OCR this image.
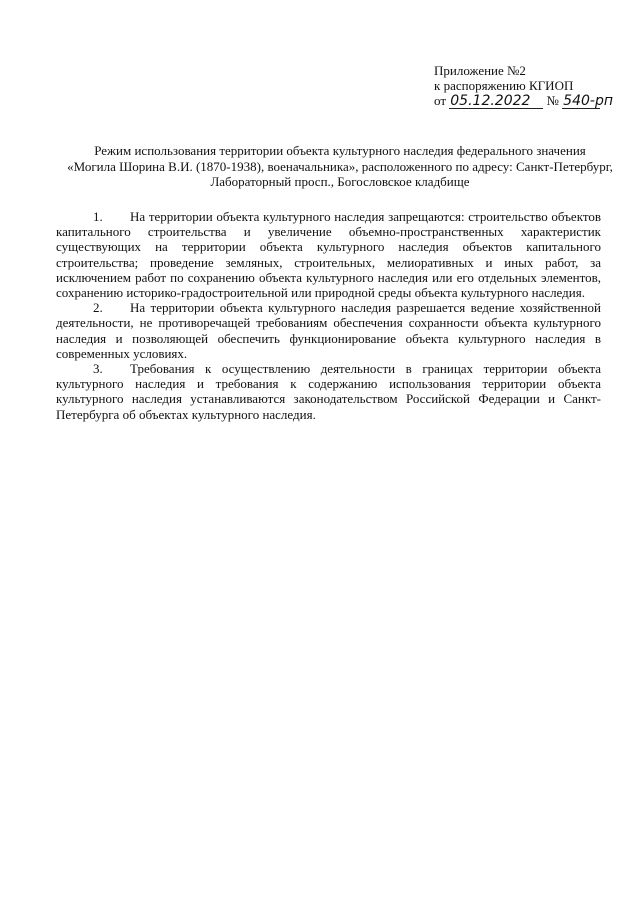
Приложение №2
к распоряжению КГИОП
от 05.12.2022 № 540-рп
Режим использования территории объекта культурного наследия федерального значения
«Могила Шорина В.И. (1870-1938), военачальника», расположенного по адресу: Санкт-Петербург,
Лабораторный просп., Богословское кладбище

1. На территории объекта культурного наследия запрещаются: строительство объектов капитального строительства и увеличение объемно-пространственных характеристик существующих на территории объекта культурного наследия объектов капитального строительства; проведение земляных, строительных, мелиоративных и иных работ, за исключением работ по сохранению объекта культурного наследия или его отдельных элементов, сохранению историко-градостроительной или природной среды объекта культурного наследия.

2. На территории объекта культурного наследия разрешается ведение хозяйственной деятельности, не противоречащей требованиям обеспечения сохранности объекта культурного наследия и позволяющей обеспечить функционирование объекта культурного наследия в современных условиях.

3. Требования к осуществлению деятельности в границах территории объекта культурного наследия и требования к содержанию использования территории объекта культурного наследия устанавливаются законодательством Российской Федерации и Санкт-Петербурга об объектах культурного наследия.
